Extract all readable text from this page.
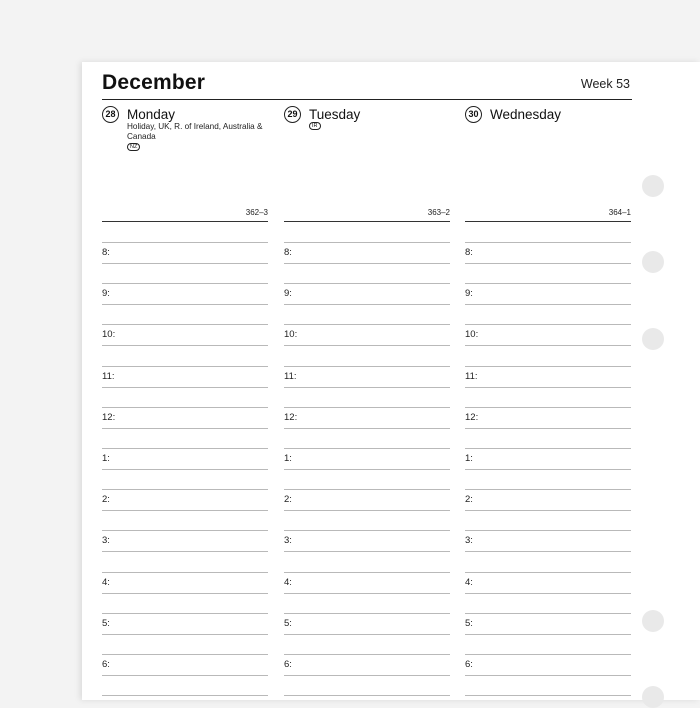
December	Week 53
28 Monday
Holiday, UK, R. of Ireland, Australia & Canada
NZ
362–3
8:
9:
10:
11:
12:
1:
2:
3:
4:
5:
6:
29 Tuesday
IR
363–2
8:
9:
10:
11:
12:
1:
2:
3:
4:
5:
6:
30 Wednesday
364–1
8:
9:
10:
11:
12:
1:
2:
3:
4:
5:
6:
